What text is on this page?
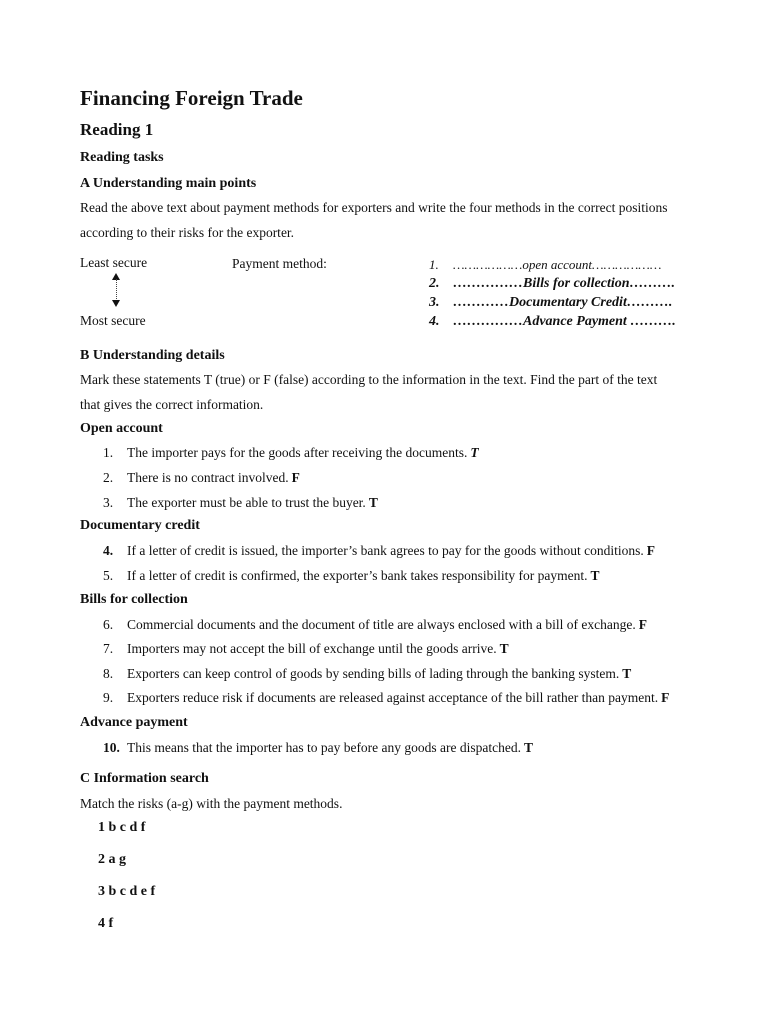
Financing Foreign Trade
Reading 1
Reading tasks
A Understanding main points
Read the above text about payment methods for exporters and write the four methods in the correct positions
according to their risks for the exporter.
Least secure
Most secure
Payment method:	1. ………………open account………………
2. ……………Bills for collection……….
3. …………Documentary Credit……….
4. ……………Advance Payment ……….
B Understanding details
Mark these statements T (true) or F (false) according to the information in the text. Find the part of the text
that gives the correct information.
Open account
1. The importer pays for the goods after receiving the documents. T
2. There is no contract involved. F
3. The exporter must be able to trust the buyer. T
Documentary credit
4. If a letter of credit is issued, the importer’s bank agrees to pay for the goods without conditions. F
5. If a letter of credit is confirmed, the exporter’s bank takes responsibility for payment. T
Bills for collection
6. Commercial documents and the document of title are always enclosed with a bill of exchange. F
7. Importers may not accept the bill of exchange until the goods arrive. T
8. Exporters can keep control of goods by sending bills of lading through the banking system. T
9. Exporters reduce risk if documents are released against acceptance of the bill rather than payment. F
Advance payment
10. This means that the importer has to pay before any goods are dispatched. T
C Information search
Match the risks (a-g) with the payment methods.
1 b c d f
2 a g
3 b c d e f
4 f
